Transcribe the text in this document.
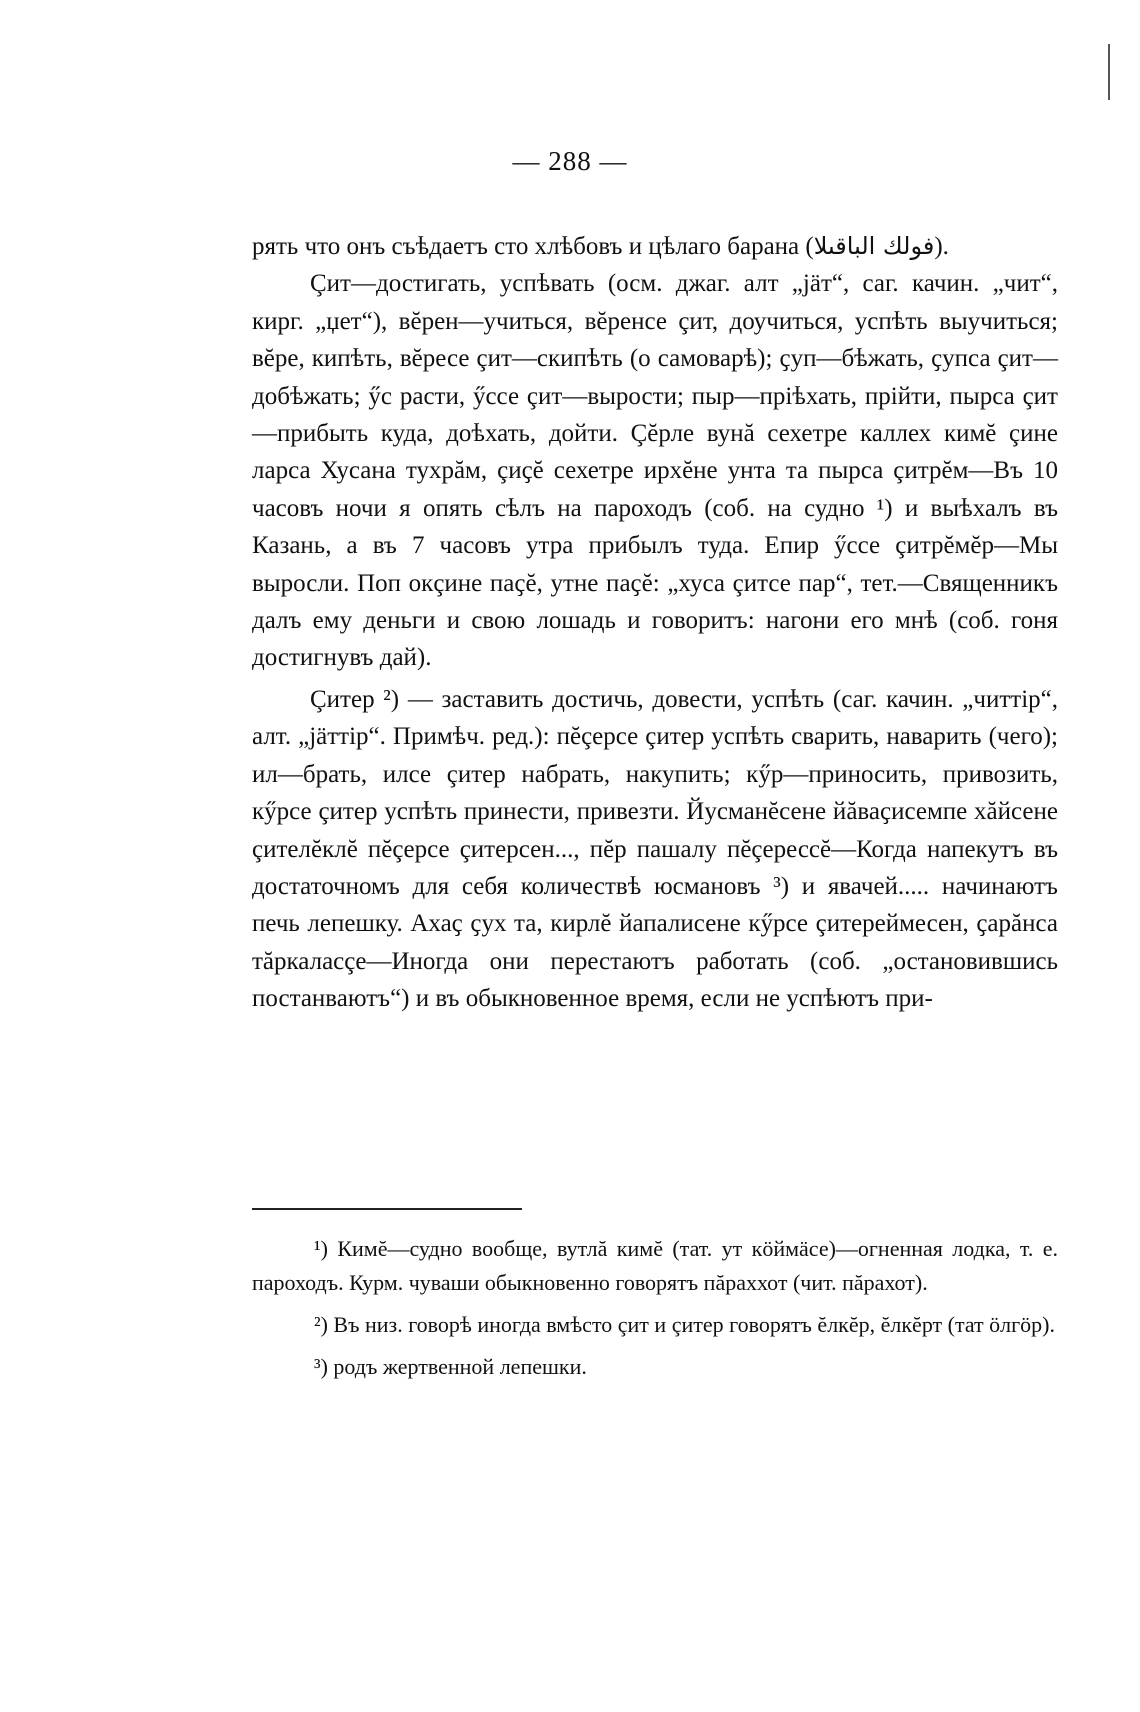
— 288 —

рять что онъ съѣдаетъ сто хлѣбовъ и цѣлаго барана (فولك الباقىلا).

Çит—достигать, успѣвать (осм. джаг. алт „jäт“, саг. качин. „чит“, кирг. „џет“), вĕрен—учиться, вĕренсе çит, доучиться, успѣть выучиться; вĕре, кипѣть, вĕресе çит—скипѣть (о самоварѣ); ҫуп—бѣжать, ҫупса çит—добѣжать; ӳс расти, ӳссе çит—вырости; пыр—прiѣхать, прiйти, пырса çит—прибыть куда, доѣхать, дойти. Çĕрле вунă сехетре каллех кимĕ çине ларса Хусана тухрăм, çиҫĕ сехетре ирхĕне унта та пырса çитрĕм—Въ 10 часовъ ночи я опять сѣлъ на пароходъ (соб. на судно ¹) и выѣхалъ въ Казань, а въ 7 часовъ утра прибылъ туда. Епир ӳссе çитрĕмĕр—Мы выросли. Поп окçине паҫĕ, утне паҫĕ: „хуса çитсе пар“, тет.—Священникъ далъ ему деньги и свою лошадь и говоритъ: нагони его мнѣ (соб. гоня достигнувъ дай).

Çитер ²) — заставить достичь, довести, успѣть (саг. качин. „читтiр“, алт. „jäттiр“. Примѣч. ред.): пĕçерсе çитер успѣть сварить, наварить (чего); ил—брать, илсе çитер набрать, накупить; кӳр—приносить, привозить, кӳрсе çитер успѣть принести, привезти. Йусманĕсене йăваҫисемпе хăйсене çителĕклĕ пĕçерсе çитерсен..., пĕр пашалу пĕçерессĕ—Когда напекутъ въ достаточномъ для себя количествѣ юсмановъ ³) и явачей..... начинаютъ печь лепешку. Ахаҫ ҫух та, кирлĕ йапалисене кӳрсе çитереймесен, ҫарăнса тăркаласçе—Иногда они перестаютъ работать (соб. „остановившись постанваютъ“) и въ обыкновенное время, если не успѣютъ при-

¹) Кимĕ—судно вообще, вутлă кимĕ (тат. ут кöймäсе)—огненная лодка, т. е. пароходъ. Курм. чуваши обыкновенно говорятъ пăраххот (чит. пăрахот).

²) Въ низ. говорѣ иногда вмѣсто çит и çитер говорятъ ĕлкĕр, ĕлкĕрт (тат öлгöр).

³) родъ жертвенной лепешки.
